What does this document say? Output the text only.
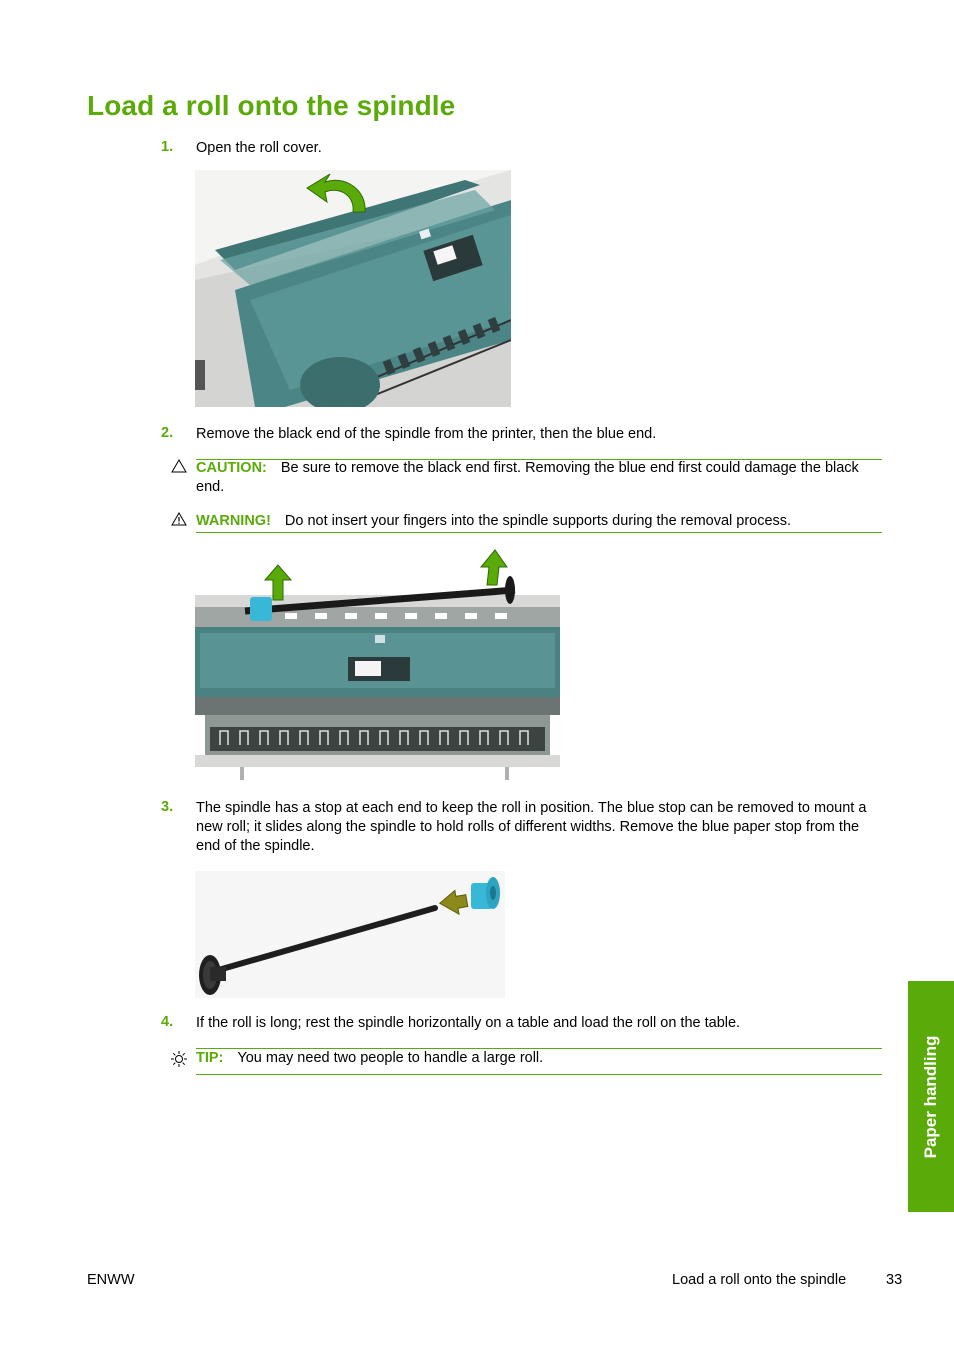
Load a roll onto the spindle
1. Open the roll cover.
2. Remove the black end of the spindle from the printer, then the blue end.
CAUTION: Be sure to remove the black end first. Removing the blue end first could damage the black end.
WARNING! Do not insert your fingers into the spindle supports during the removal process.
3. The spindle has a stop at each end to keep the roll in position. The blue stop can be removed to mount a new roll; it slides along the spindle to hold rolls of different widths. Remove the blue paper stop from the end of the spindle.
4. If the roll is long; rest the spindle horizontally on a table and load the roll on the table.
TIP: You may need two people to handle a large roll.	Paper handling
ENWW	Load a roll onto the spindle	33
